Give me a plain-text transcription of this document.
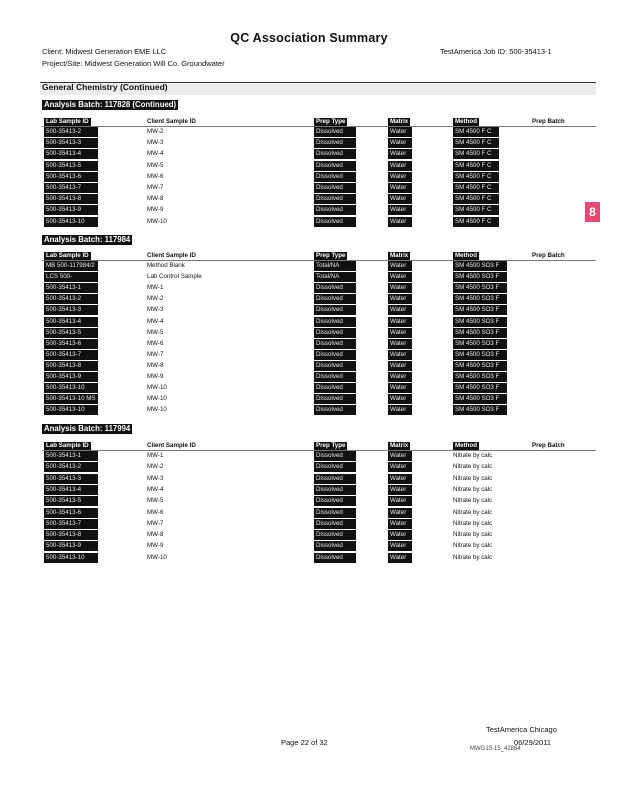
QC Association Summary
Client: Midwest Generation EME LLC
Project/Site: Midwest Generation Will Co. Groundwater
TestAmerica Job ID: 500-35413-1
General Chemistry (Continued)
8
Analysis Batch: 117828 (Continued)
Lab Sample ID	Client Sample ID	Prep Type	Matrix	Method	Prep Batch
500-35413-2	MW-2	Dissolved	Water	SM 4500 F C
500-35413-3	MW-3	Dissolved	Water	SM 4500 F C
500-35413-4	MW-4	Dissolved	Water	SM 4500 F C
500-35413-5	MW-5	Dissolved	Water	SM 4500 F C
500-35413-6	MW-6	Dissolved	Water	SM 4500 F C
500-35413-7	MW-7	Dissolved	Water	SM 4500 F C
500-35413-8	MW-8	Dissolved	Water	SM 4500 F C
500-35413-9	MW-9	Dissolved	Water	SM 4500 F C
500-35413-10	MW-10	Dissolved	Water	SM 4500 F C
Analysis Batch: 117984
Lab Sample ID	Client Sample ID	Prep Type	Matrix	Method	Prep Batch
MB 500-117984/2	Method Blank	Total/NA	Water	SM 4500 SO3 F
LCS 500-	Lab Control Sample	Total/NA	Water	SM 4500 SO3 F
500-35413-1	MW-1	Dissolved	Water	SM 4500 SO3 F
500-35413-2	MW-2	Dissolved	Water	SM 4500 SO3 F
500-35413-3	MW-3	Dissolved	Water	SM 4500 SO3 F
500-35413-4	MW-4	Dissolved	Water	SM 4500 SO3 F
500-35413-5	MW-5	Dissolved	Water	SM 4500 SO3 F
500-35413-6	MW-6	Dissolved	Water	SM 4500 SO3 F
500-35413-7	MW-7	Dissolved	Water	SM 4500 SO3 F
500-35413-8	MW-8	Dissolved	Water	SM 4500 SO3 F
500-35413-9	MW-9	Dissolved	Water	SM 4500 SO3 F
500-35413-10	MW-10	Dissolved	Water	SM 4500 SO3 F
500-35413-10 MS	MW-10	Dissolved	Water	SM 4500 SO3 F
500-35413-10	MW-10	Dissolved	Water	SM 4500 SO3 F
Analysis Batch: 117994
Lab Sample ID	Client Sample ID	Prep Type	Matrix	Method	Prep Batch
500-35413-1	MW-1	Dissolved	Water	Nitrate by calc
500-35413-2	MW-2	Dissolved	Water	Nitrate by calc
500-35413-3	MW-3	Dissolved	Water	Nitrate by calc
500-35413-4	MW-4	Dissolved	Water	Nitrate by calc
500-35413-5	MW-5	Dissolved	Water	Nitrate by calc
500-35413-6	MW-6	Dissolved	Water	Nitrate by calc
500-35413-7	MW-7	Dissolved	Water	Nitrate by calc
500-35413-8	MW-8	Dissolved	Water	Nitrate by calc
500-35413-9	MW-9	Dissolved	Water	Nitrate by calc
500-35413-10	MW-10	Dissolved	Water	Nitrate by calc
Page 22 of 32
TestAmerica Chicago
06/29/2011
MWG13-15_42884
